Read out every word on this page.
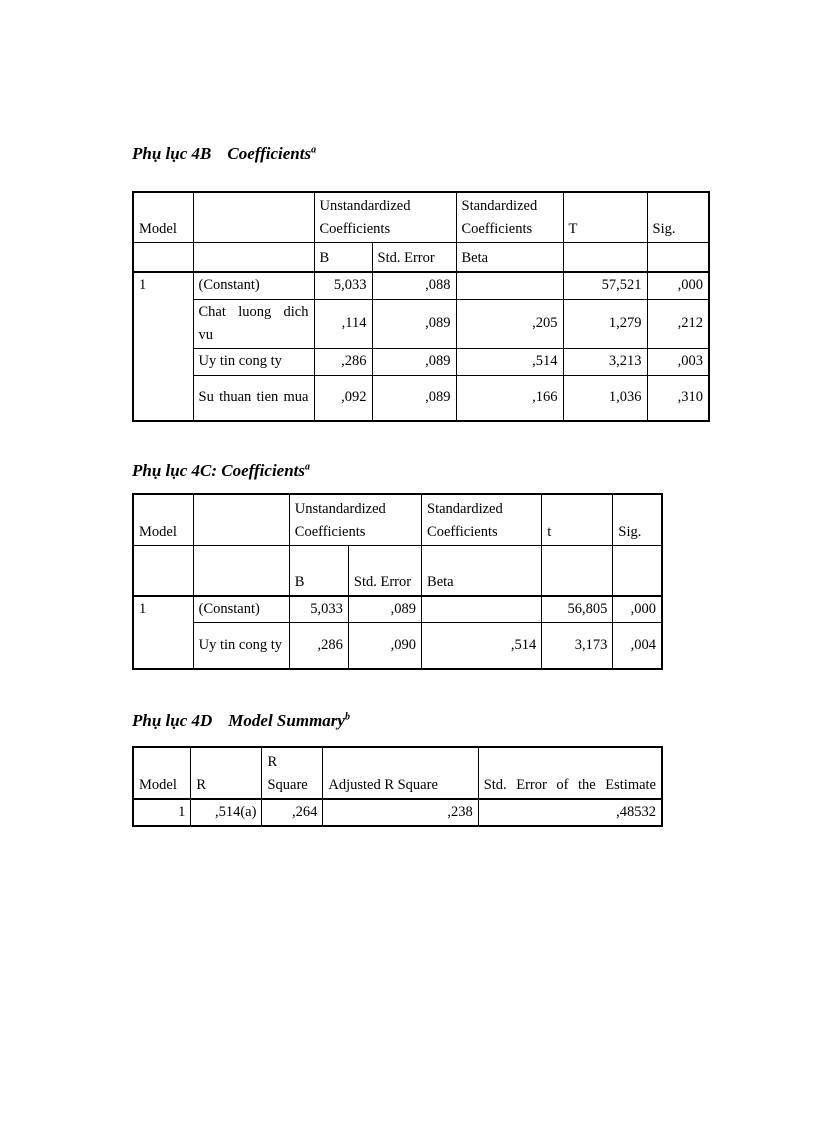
Phụ lục 4B Coefficients$^a$
Model		Unstandardized Coefficients		Standardized Coefficients	T	Sig.
		B	Std. Error	Beta		
1	(Constant)	5,033	,088		57,521	,000

	Chat luong dich vu	,114	,089	,205	1,279	,212
	Uy tin cong ty	,286	,089	,514	3,213	,003

	Su thuan tien mua	,092	,089	,166	1,036	,310
Phụ lục 4C: Coefficients$^a$
Model		Unstandardized Coefficients		Standardized Coefficients	t	Sig.
		B	Std. Error	Beta		
1	(Constant)	5,033	,089		56,805	,000
	Uy tin cong ty	,286	,090	,514	3,173	,004
Phụ lục 4D Model Summary$^b$
Model	R	R Square	Adjusted R Square	Std. Error of the Estimate

1	,514(a)	,264	,238	,48532
